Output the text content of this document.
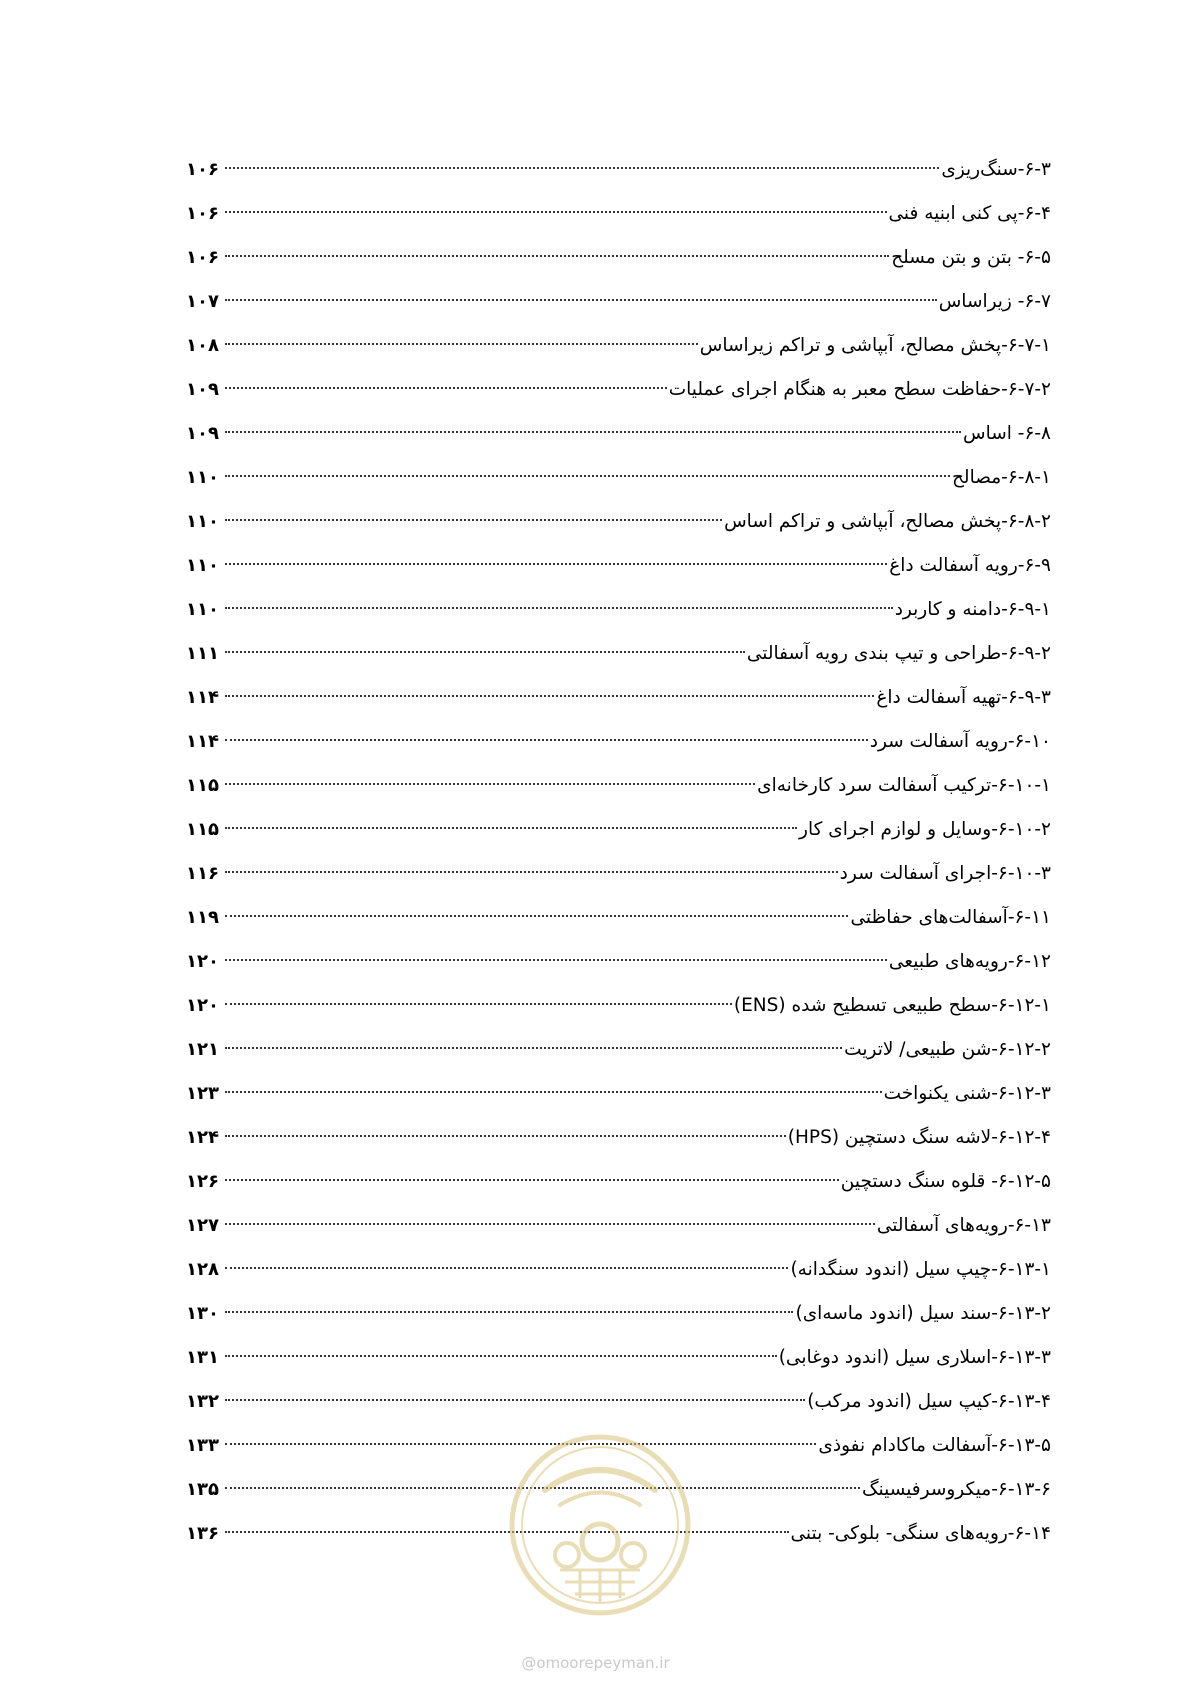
۶-۳-سنگ‌ریزی
۱۰۶
۶-۴-پی کنی ابنیه فنی
۱۰۶
۶-۵- بتن و بتن مسلح
۱۰۶
۶-۷- زیراساس
۱۰۷
۶-۷-۱-پخش مصالح، آبپاشی و تراکم زیراساس
۱۰۸
۶-۷-۲-حفاظت سطح معبر به هنگام اجرای عملیات
۱۰۹
۶-۸- اساس
۱۰۹
۶-۸-۱-مصالح
۱۱۰
۶-۸-۲-پخش مصالح، آبپاشی و تراکم اساس
۱۱۰
۶-۹-رویه آسفالت داغ
۱۱۰
۶-۹-۱-دامنه و کاربرد
۱۱۰
۶-۹-۲-طراحی و تیپ بندی رویه آسفالتی
۱۱۱
۶-۹-۳-تهیه آسفالت داغ
۱۱۴
۶-۱۰-رویه آسفالت سرد
۱۱۴
۶-۱۰-۱-ترکیب آسفالت سرد کارخانه‌ای
۱۱۵
۶-۱۰-۲-وسایل و لوازم اجرای کار
۱۱۵
۶-۱۰-۳-اجرای آسفالت سرد
۱۱۶
۶-۱۱-آسفالت‌های حفاظتی
۱۱۹
۶-۱۲-رویه‌های طبیعی
۱۲۰
۶-۱۲-۱-سطح طبیعی تسطیح شده (ENS)
۱۲۰
۶-۱۲-۲-شن طبیعی/ لاتریت
۱۲۱
۶-۱۲-۳-شنی یکنواخت
۱۲۳
۶-۱۲-۴-لاشه سنگ دستچین (HPS)
۱۲۴
۶-۱۲-۵- قلوه سنگ دستچین
۱۲۶
۶-۱۳-رویه‌های آسفالتی
۱۲۷
۶-۱۳-۱-چیپ سیل (اندود سنگدانه)
۱۲۸
۶-۱۳-۲-سند سیل (اندود ماسه‌ای)
۱۳۰
۶-۱۳-۳-اسلاری سیل (اندود دوغابی)
۱۳۱
۶-۱۳-۴-کیپ سیل (اندود مرکب)
۱۳۲
۶-۱۳-۵-آسفالت ماکادام نفوذی
۱۳۳
۶-۱۳-۶-میکروسرفیسینگ
۱۳۵
۶-۱۴-رویه‌های سنگی- بلوکی- بتنی
۱۳۶
@omoorepeyman.ir
